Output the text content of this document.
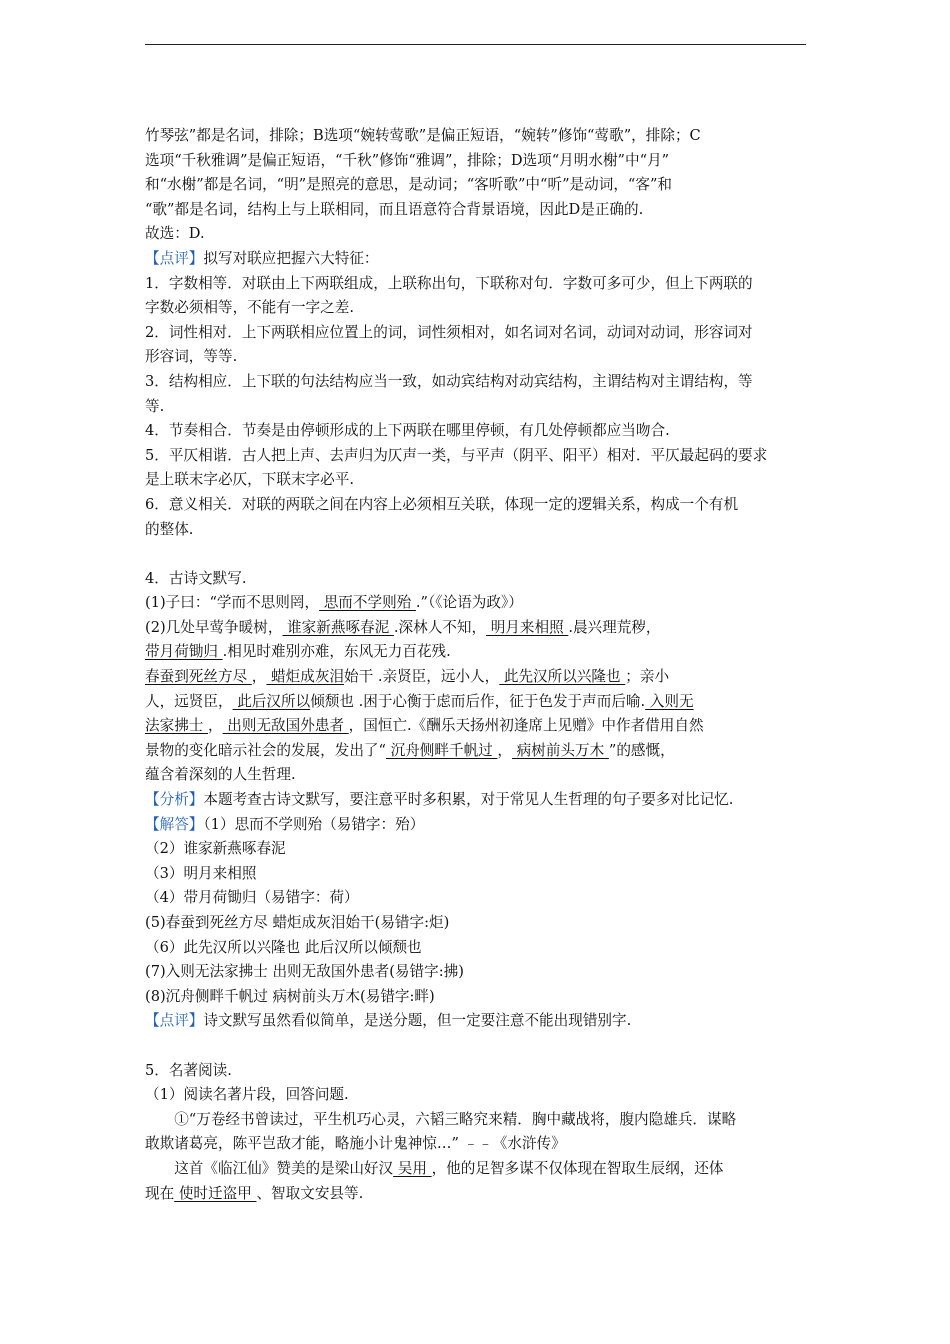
竹琴弦”都是名词，排除；B选项“婉转莺歌”是偏正短语，“婉转”修饰“莺歌”，排除；C

选项“千秋雅调”是偏正短语，“千秋”修饰“雅调”，排除；D选项“月明水榭”中“月”

和“水榭”都是名词，“明”是照亮的意思，是动词；“客听歌”中“听”是动词，“客”和

“歌”都是名词，结构上与上联相同，而且语意符合背景语境，因此D是正确的.

故选：D.

【点评】拟写对联应把握六大特征：

1．字数相等．对联由上下两联组成，上联称出句，下联称对句．字数可多可少，但上下两联的

字数必须相等，不能有一字之差.

2．词性相对．上下两联相应位置上的词，词性须相对，如名词对名词，动词对动词，形容词对

形容词，等等.

3．结构相应．上下联的句法结构应当一致，如动宾结构对动宾结构，主谓结构对主谓结构，等

等.

4．节奏相合．节奏是由停顿形成的上下两联在哪里停顿，有几处停顿都应当吻合.

5．平仄相谐．古人把上声、去声归为仄声一类，与平声（阴平、阳平）相对．平仄最起码的要求

是上联末字必仄，下联末字必平.

6．意义相关．对联的两联之间在内容上必须相互关联，体现一定的逻辑关系，构成一个有机

的整体.

4．古诗文默写.

(1)子曰：“学而不思则罔， 思而不学则殆 .”（《论语为政》）

(2)几处早莺争暖树， 谁家新燕啄春泥 .深林人不知， 明月来相照 .晨兴理荒秽，

带月荷锄归 .相见时难别亦难，东风无力百花残.

春蚕到死丝方尽 ， 蜡炬成灰泪始干 .亲贤臣，远小人， 此先汉所以兴隆也 ；亲小

人，远贤臣， 此后汉所以倾颓也 .困于心衡于虑而后作，征于色发于声而后喻. 入则无

法家拂士 ， 出则无敌国外患者 ，国恒亡.《酬乐天扬州初逢席上见赠》中作者借用自然

景物的变化暗示社会的发展，发出了“ 沉舟侧畔千帆过 ， 病树前头万木 ”的感慨，

蕴含着深刻的人生哲理.

【分析】本题考查古诗文默写，要注意平时多积累，对于常见人生哲理的句子要多对比记忆.

【解答】（1）思而不学则殆（易错字：殆）

（2）谁家新燕啄春泥

（3）明月来相照

（4）带月荷锄归（易错字：荷）

(5)春蚕到死丝方尽 蜡炬成灰泪始干(易错字:炬)

（6）此先汉所以兴隆也 此后汉所以倾颓也

(7)入则无法家拂士 出则无敌国外患者(易错字:拂)

(8)沉舟侧畔千帆过 病树前头万木(易错字:畔)

【点评】诗文默写虽然看似简单，是送分题，但一定要注意不能出现错别字.

5．名著阅读.

（1）阅读名著片段，回答问题.

①“万卷经书曾读过，平生机巧心灵，六韬三略究来精．胸中藏战将，腹内隐雄兵．谋略

敢欺诸葛亮，陈平岂敌才能，略施小计鬼神惊…” ﹣﹣《水浒传》

这首《临江仙》赞美的是梁山好汉 吴用 ，他的足智多谋不仅体现在智取生辰纲，还体

现在 使时迁盗甲 、智取文安县等.
